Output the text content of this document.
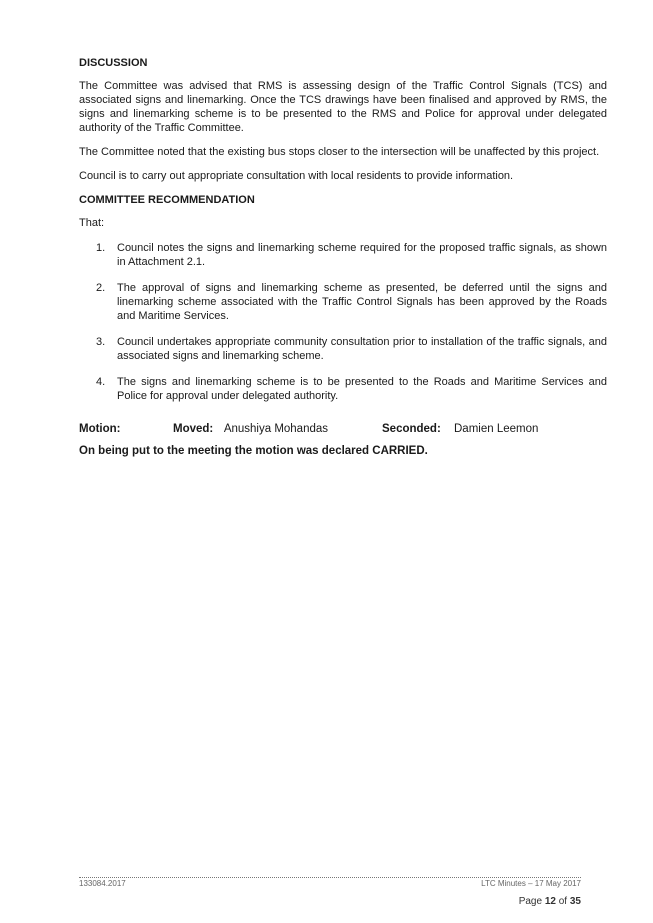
DISCUSSION

The Committee was advised that RMS is assessing design of the Traffic Control Signals (TCS) and associated signs and linemarking. Once the TCS drawings have been finalised and approved by RMS, the signs and linemarking scheme is to be presented to the RMS and Police for approval under delegated authority of the Traffic Committee.

The Committee noted that the existing bus stops closer to the intersection will be unaffected by this project.

Council is to carry out appropriate consultation with local residents to provide information.

COMMITTEE RECOMMENDATION

That:

1. Council notes the signs and linemarking scheme required for the proposed traffic signals, as shown in Attachment 2.1.
2. The approval of signs and linemarking scheme as presented, be deferred until the signs and linemarking scheme associated with the Traffic Control Signals has been approved by the Roads and Maritime Services.
3. Council undertakes appropriate community consultation prior to installation of the traffic signals, and associated signs and linemarking scheme.
4. The signs and linemarking scheme is to be presented to the Roads and Maritime Services and Police for approval under delegated authority.
Motion:	Moved: Anushiya Mohandas	Seconded: Damien Leemon
On being put to the meeting the motion was declared CARRIED.
133084.2017	LTC Minutes – 17 May 2017
Page 12 of 35
